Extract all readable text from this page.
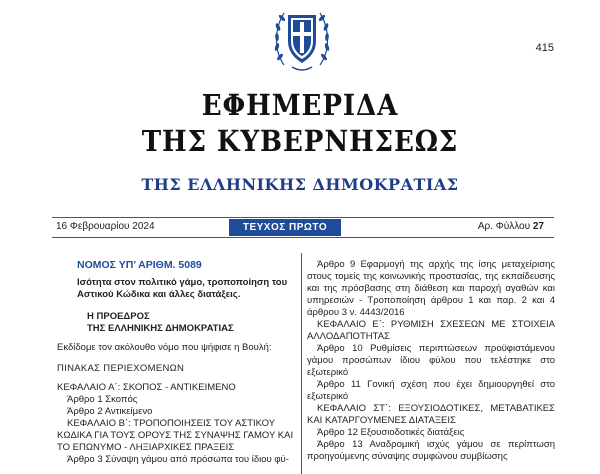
415
ΕΦΗΜΕΡΙΔΑ
ΤΗΣ ΚΥΒΕΡΝΗΣΕΩΣ
ΤΗΣ ΕΛΛΗΝΙΚΗΣ ΔΗΜΟΚΡΑΤΙΑΣ
16 Φεβρουαρίου 2024	ΤΕΥΧΟΣ ΠΡΩΤΟ	Αρ. Φύλλου 27
ΝΟΜΟΣ ΥΠ’ ΑΡΙΘΜ. 5089
Ισότητα στον πολιτικό γάμο, τροποποίηση του Αστικού Κώδικα και άλλες διατάξεις.
Η ΠΡΟΕΔΡΟΣ
ΤΗΣ ΕΛΛΗΝΙΚΗΣ ΔΗΜΟΚΡΑΤΙΑΣ
Εκδίδομε τον ακόλουθο νόμο που ψήφισε η Βουλή:
ΠΙΝΑΚΑΣ ΠΕΡΙΕΧΟΜΕΝΩΝ
ΚΕΦΑΛΑΙΟ Α΄: ΣΚΟΠΟΣ - ΑΝΤΙΚΕΙΜΕΝΟ
Άρθρο 1 Σκοπός
Άρθρο 2 Αντικείμενο
ΚΕΦΑΛΑΙΟ Β΄: ΤΡΟΠΟΠΟΙΗΣΕΙΣ ΤΟΥ ΑΣΤΙΚΟΥ ΚΩΔΙΚΑ ΓΙΑ ΤΟΥΣ ΟΡΟΥΣ ΤΗΣ ΣΥΝΑΨΗΣ ΓΑΜΟΥ ΚΑΙ ΤΟ ΕΠΩΝΥΜΟ - ΛΗΞΙΑΡΧΙΚΕΣ ΠΡΑΞΕΙΣ
Άρθρο 3 Σύναψη γάμου από πρόσωπα του ίδιου φύ-
Άρθρο 9 Εφαρμογή της αρχής της ίσης μεταχείρισης στους τομείς της κοινωνικής προστασίας, της εκπαίδευσης και της πρόσβασης στη διάθεση και παροχή αγαθών και υπηρεσιών - Τροποποίηση άρθρου 1 και παρ. 2 και 4 άρθρου 3 ν. 4443/2016
ΚΕΦΑΛΑΙΟ Ε΄: ΡΥΘΜΙΣΗ ΣΧΕΣΕΩΝ ΜΕ ΣΤΟΙΧΕΙΑ ΑΛΛΟΔΑΠΟΤΗΤΑΣ
Άρθρο 10 Ρυθμίσεις περιπτώσεων προϋφιστάμενου γάμου προσώπων ίδιου φύλου που τελέστηκε στο εξωτερικό
Άρθρο 11 Γονική σχέση που έχει δημιουργηθεί στο εξωτερικό
ΚΕΦΑΛΑΙΟ ΣΤ΄: ΕΞΟΥΣΙΟΔΟΤΙΚΕΣ, ΜΕΤΑΒΑΤΙΚΕΣ ΚΑΙ ΚΑΤΑΡΓΟΥΜΕΝΕΣ ΔΙΑΤΑΞΕΙΣ
Άρθρο 12 Εξουσιοδοτικές διατάξεις
Άρθρο 13 Αναδρομική ισχύς γάμου σε περίπτωση προηγούμενης σύναψης συμφώνου συμβίωσης
